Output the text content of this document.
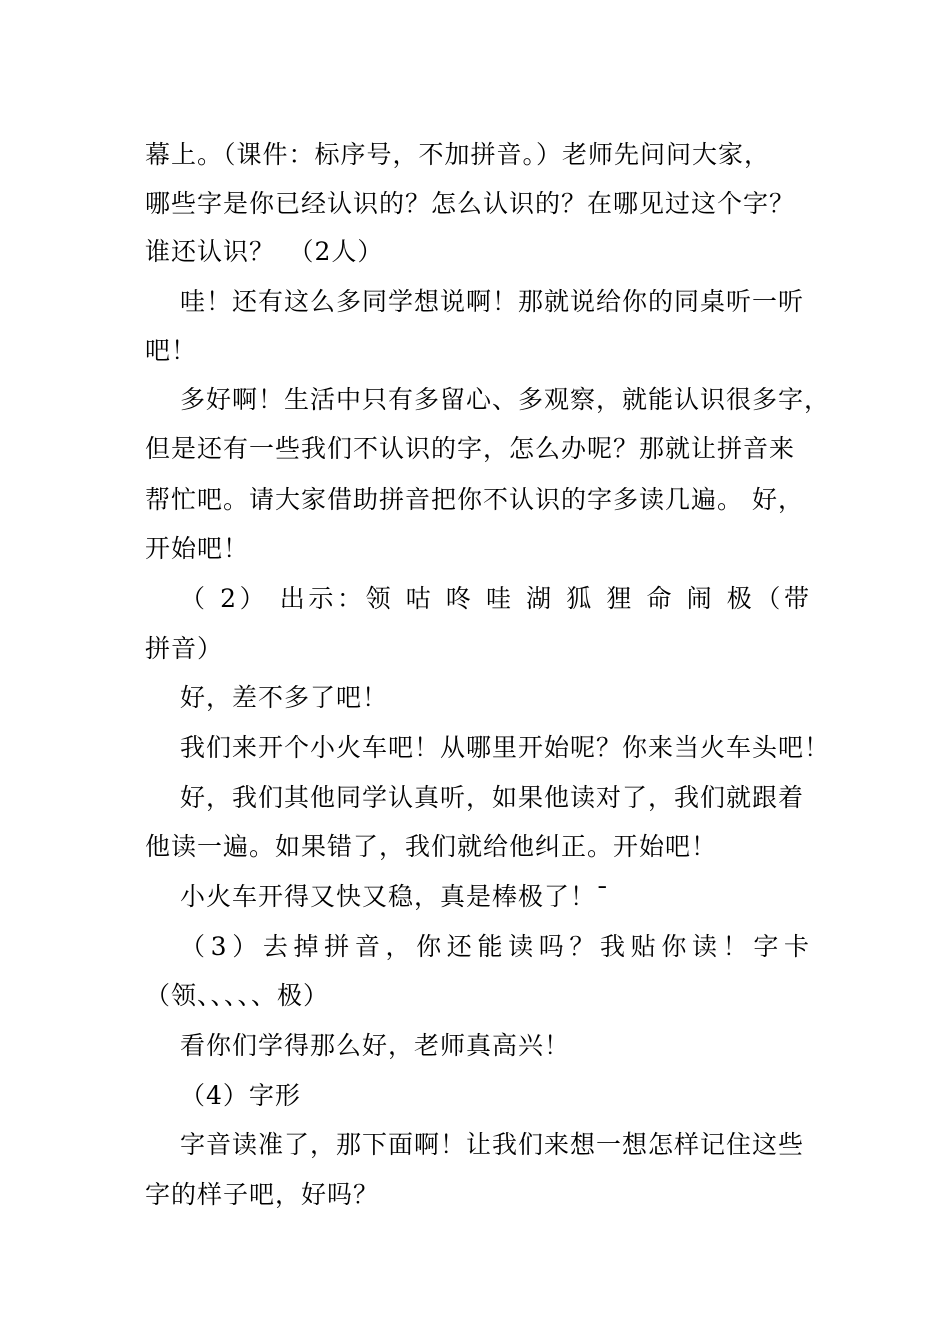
幕上。（课件：标序号，不加拼音。）老师先问问大家，
哪些字是你已经认识的？怎么认识的？在哪见过这个字？
谁还认识？　（2人）
哇！还有这么多同学想说啊！那就说给你的同桌听一听
吧！
多好啊！生活中只有多留心、多观察，就能认识很多字，
但是还有一些我们不认识的字，怎么办呢？那就让拼音来
帮忙吧。请大家借助拼音把你不认识的字多读几遍。 好，
开始吧！
（ 2） 出示：领 咕 咚 哇 湖 狐 狸 命 闹 极（带
拼音）
好，差不多了吧！
我们来开个小火车吧！从哪里开始呢？你来当火车头吧！
好，我们其他同学认真听，如果他读对了，我们就跟着
他读一遍。如果错了，我们就给他纠正。开始吧！
小火车开得又快又稳，真是棒极了！¯
（3）去掉拼音，你还能读吗？我贴你读！字卡
（领、、、、、极）
看你们学得那么好，老师真高兴！
（4）字形
字音读准了，那下面啊！让我们来想一想怎样记住这些
字的样子吧，好吗？
